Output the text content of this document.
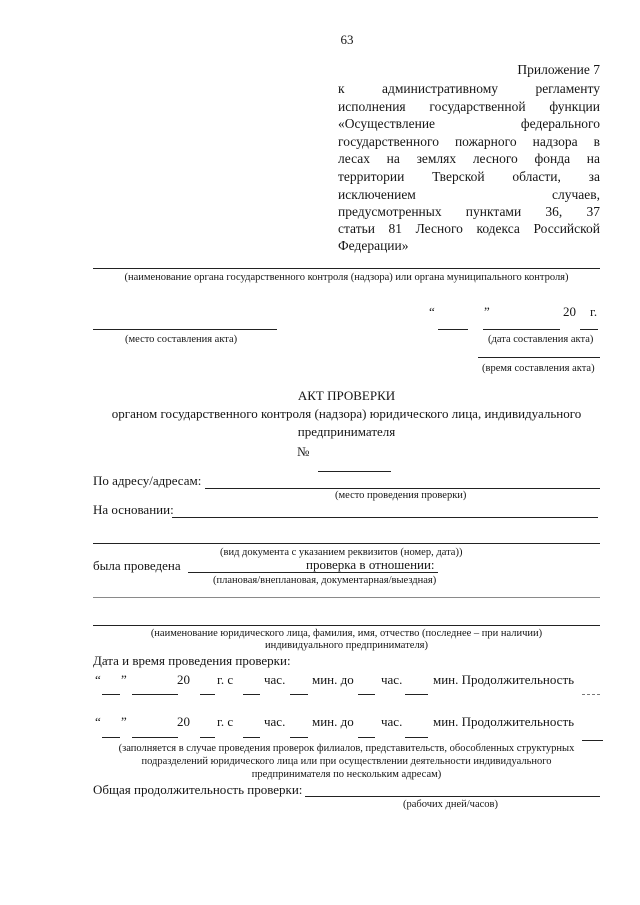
63
Приложение 7
к административному регламенту
исполнения государственной функции
«Осуществление федерального
государственного пожарного надзора в
лесах на землях лесного фонда на
территории Тверской области, за
исключением случаев,
предусмотренных пунктами 36, 37
статьи 81 Лесного кодекса Российской
Федерации»
(наименование органа государственного контроля (надзора) или органа муниципального контроля)
“	”	20 г.
(место составления акта)	(дата составления акта)
(время составления акта)
АКТ ПРОВЕРКИ
органом государственного контроля (надзора) юридического лица, индивидуального
предпринимателя
№
По адресу/адресам:
(место проведения проверки)
На основании:
(вид документа с указанием реквизитов (номер, дата))
была проведена	проверка в отношении:
(плановая/внеплановая, документарная/выездная)
(наименование юридического лица, фамилия, имя, отчество (последнее – при наличии)
индивидуального предпринимателя)
Дата и время проведения проверки:
“ ”	20 г. с час. мин. до час. мин. Продолжительность
“ ”	20 г. с час. мин. до час. мин. Продолжительность
(заполняется в случае проведения проверок филиалов, представительств, обособленных структурных
подразделений юридического лица или при осуществлении деятельности индивидуального
предпринимателя по нескольким адресам)
Общая продолжительность проверки:
(рабочих дней/часов)
